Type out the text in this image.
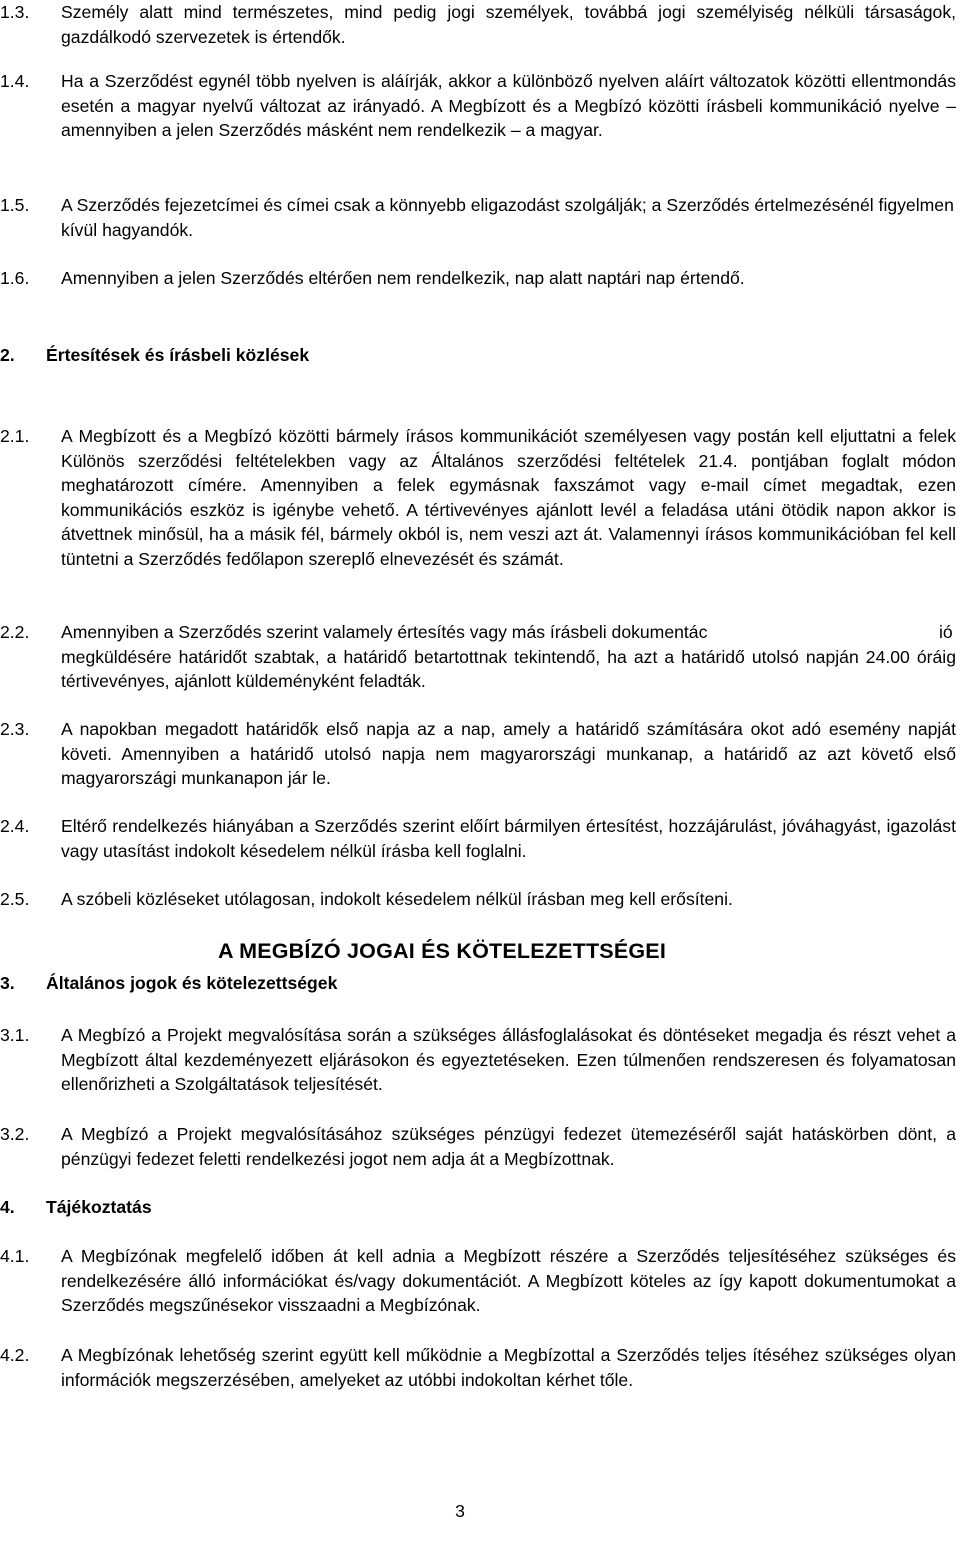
1.3.	Személy alatt mind természetes, mind pedig jogi személyek, továbbá jogi személyiség nélküli társaságok, gazdálkodó szervezetek is értendők.
1.4.	Ha a Szerződést egynél több nyelven is aláírják, akkor a különböző nyelven aláírt változatok közötti ellentmondás esetén a magyar nyelvű változat az irányadó. A Megbízott és a Megbízó közötti írásbeli kommunikáció nyelve – amennyiben a jelen Szerződés másként nem rendelkezik – a magyar.
1.5.	A Szerződés fejezetcímei és címei csak a könnyebb eligazodást szolgálják; a Szerződés értelmezésénél figyelmen kívül hagyandók.
1.6.	Amennyiben a jelen Szerződés eltérően nem rendelkezik, nap alatt naptári nap értendő.
2.	Értesítések és írásbeli közlések
2.1.	A Megbízott és a Megbízó közötti bármely írásos kommunikációt személyesen vagy postán kell eljuttatni a felek Különös szerződési feltételekben vagy az Általános szerződési feltételek 21.4. pontjában foglalt módon meghatározott címére. Amennyiben a felek egymásnak faxszámot vagy e-mail címet megadtak, ezen kommunikációs eszköz is igénybe vehető. A tértivevényes ajánlott levél a feladása utáni ötödik napon akkor is átvettnek minősül, ha a másik fél, bármely okból is, nem veszi azt át. Valamennyi írásos kommunikációban fel kell tüntetni a Szerződés fedőlapon szereplő elnevezését és számát.
2.2.	Amennyiben a Szerződés szerint valamely értesítés vagy más írásbeli dokumentác	ió
megküldésére határidőt szabtak, a határidő betartottnak tekintendő, ha azt a határidő utolsó napján 24.00 óráig tértivevényes, ajánlott küldeményként feladták.
2.3.	A napokban megadott határidők első napja az a nap, amely a határidő számítására okot adó esemény napját követi. Amennyiben a határidő utolsó napja nem magyarországi munkanap, a határidő az azt követő első magyarországi munkanapon jár le.
2.4.	Eltérő rendelkezés hiányában a Szerződés szerint előírt bármilyen értesítést, hozzájárulást, jóváhagyást, igazolást vagy utasítást indokolt késedelem nélkül írásba kell foglalni.
2.5.	A szóbeli közléseket utólagosan, indokolt késedelem nélkül írásban meg kell erősíteni.
A MEGBÍZÓ JOGAI ÉS KÖTELEZETTSÉGEI
3.	Általános jogok és kötelezettségek
3.1.	A Megbízó a Projekt megvalósítása során a szükséges állásfoglalásokat és döntéseket megadja és részt vehet a Megbízott által kezdeményezett eljárásokon és egyeztetéseken. Ezen túlmenően rendszeresen és folyamatosan ellenőrizheti a Szolgáltatások teljesítését.
3.2.	A Megbízó a Projekt megvalósításához szükséges pénzügyi fedezet ütemezéséről saját hatáskörben dönt, a pénzügyi fedezet feletti rendelkezési jogot nem adja át a Megbízottnak.
4.	Tájékoztatás
4.1.	A Megbízónak megfelelő időben át kell adnia a Megbízott részére a Szerződés teljesítéséhez szükséges és rendelkezésére álló információkat és/vagy dokumentációt. A Megbízott köteles az így kapott dokumentumokat a Szerződés megszűnésekor visszaadni a Megbízónak.
4.2.	A Megbízónak lehetőség szerint együtt kell működnie a Megbízottal a Szerződés teljes ítéséhez szükséges olyan információk megszerzésében, amelyeket az utóbbi indokoltan kérhet tőle.
3
